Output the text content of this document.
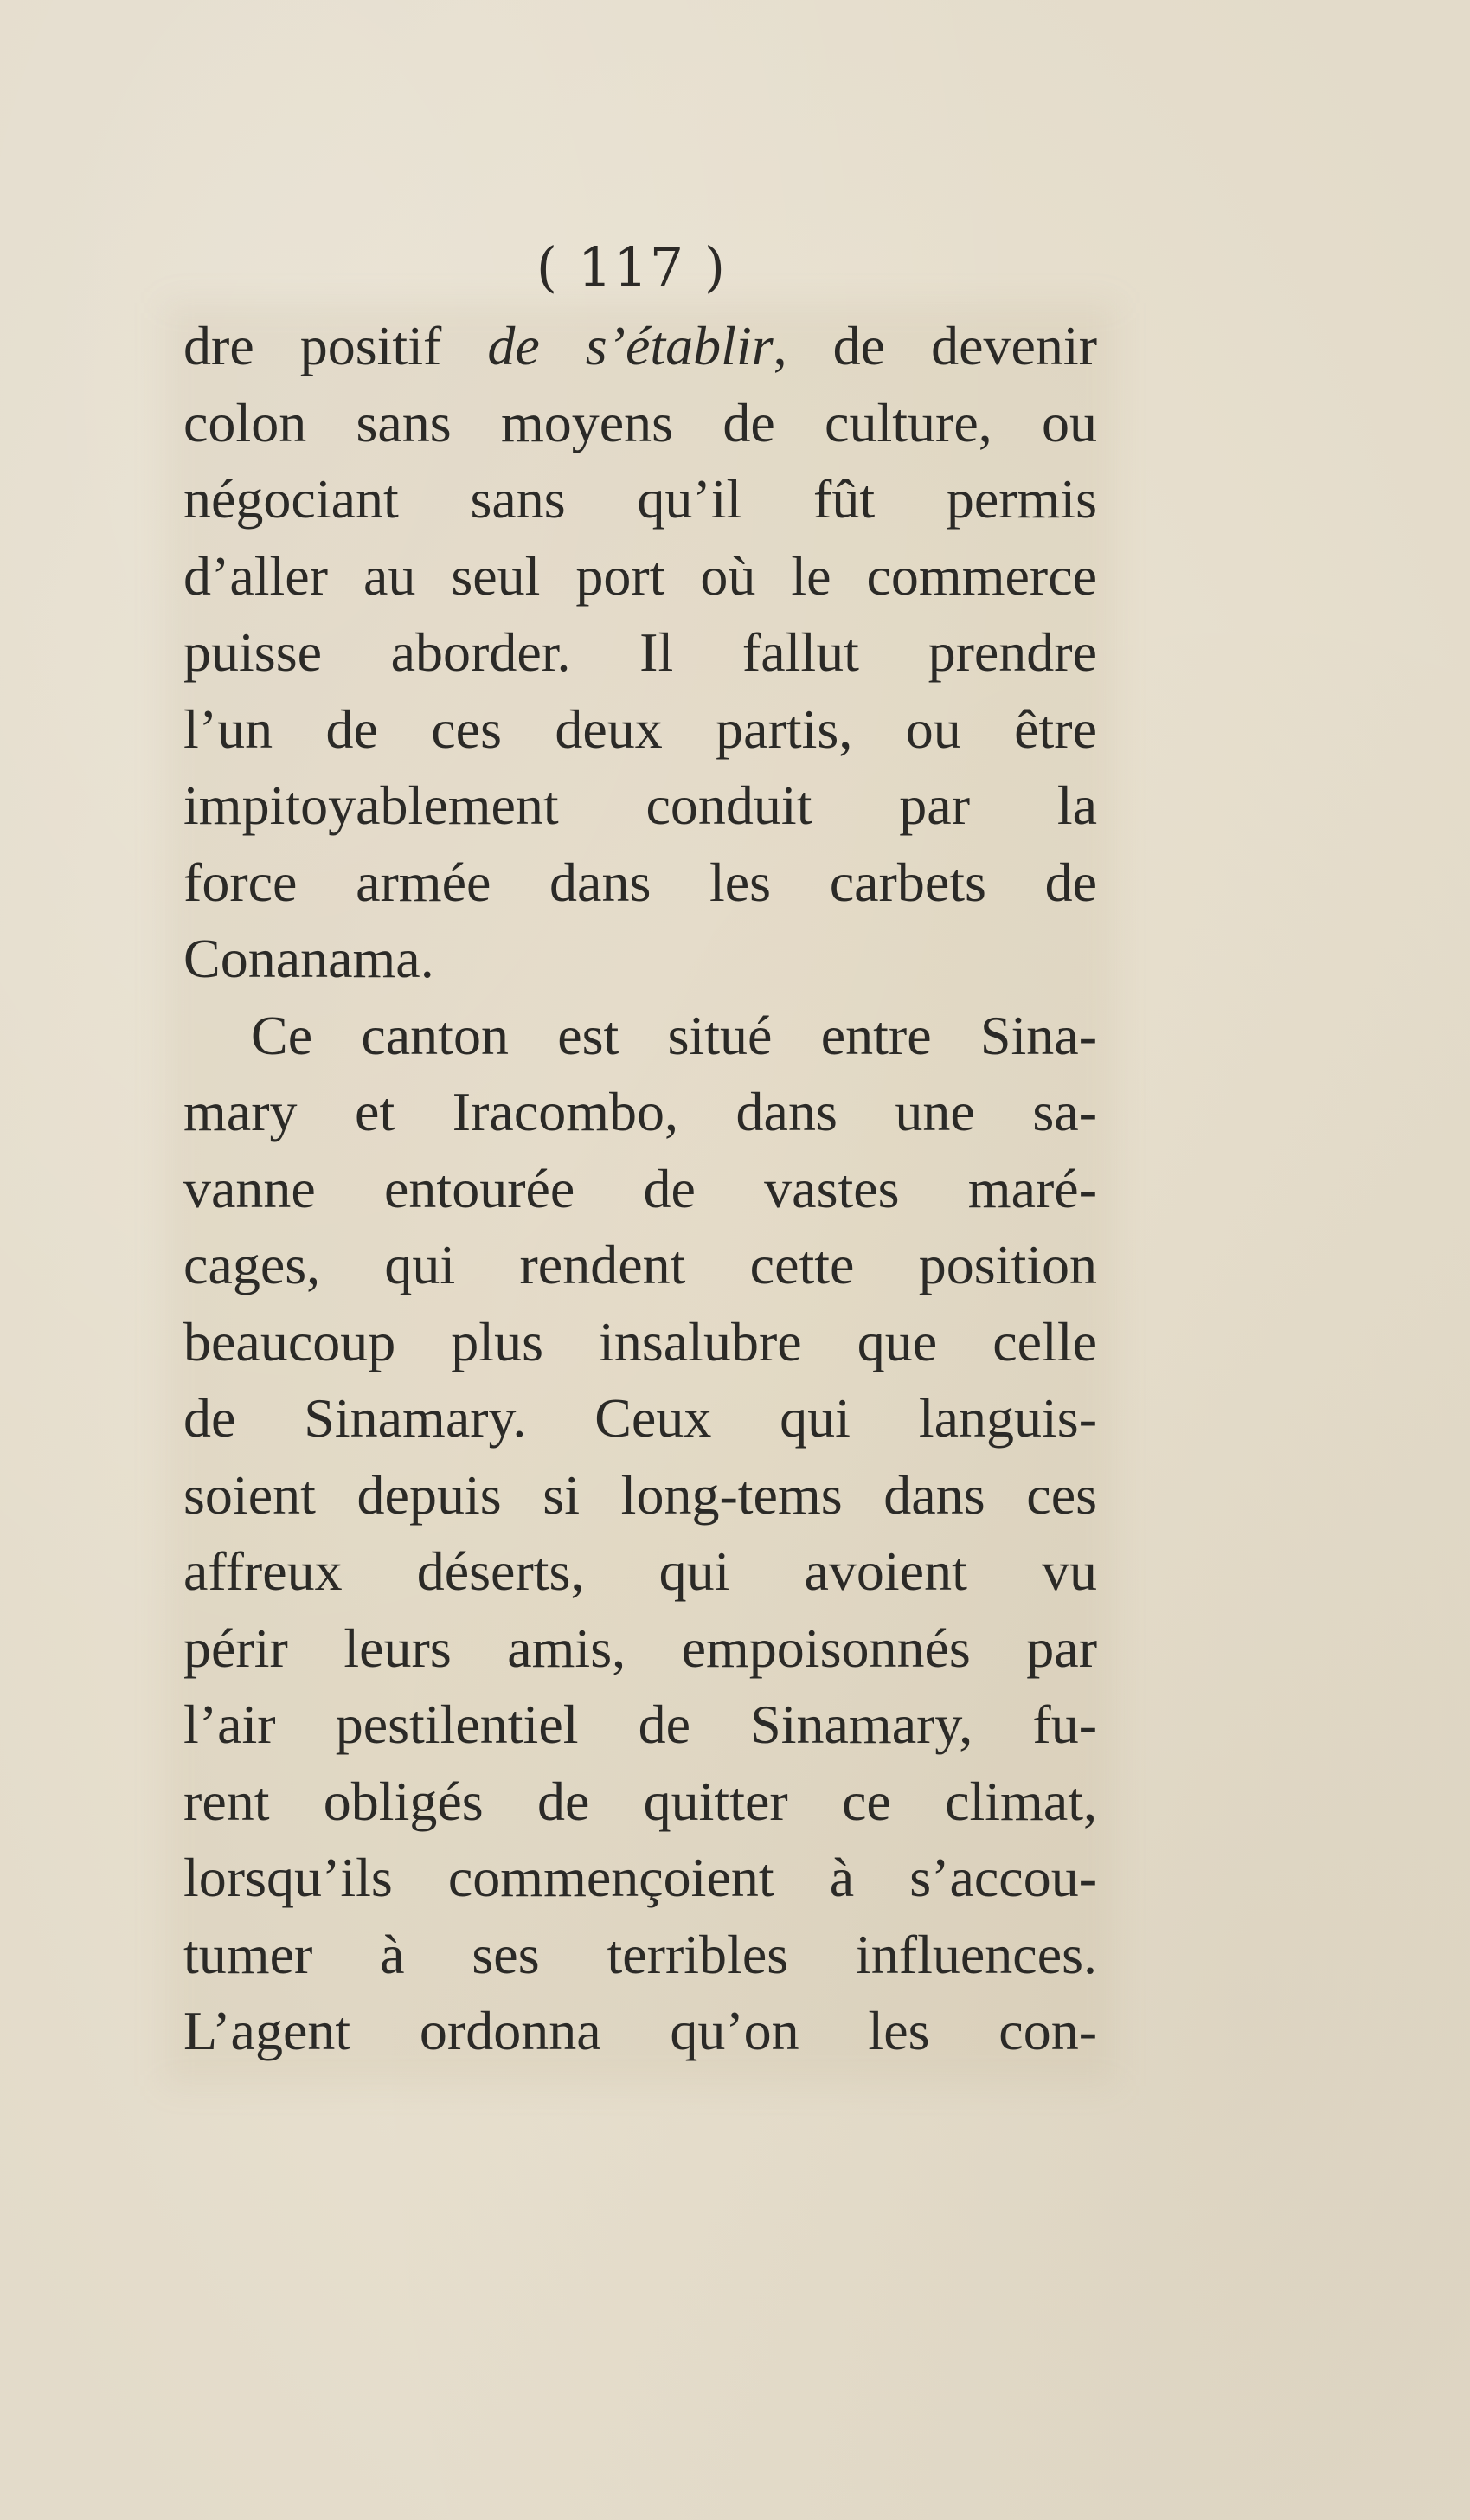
( 117 )
dre positif de s’établir, de devenir
colon sans moyens de culture, ou
négociant sans qu’il fût permis
d’aller au seul port où le commerce
puisse aborder. Il fallut prendre
l’un de ces deux partis, ou être
impitoyablement conduit par la
force armée dans les carbets de
Conanama.
Ce canton est situé entre Sina-
mary et Iracombo, dans une sa-
vanne entourée de vastes maré-
cages, qui rendent cette position
beaucoup plus insalubre que celle
de Sinamary. Ceux qui languis-
soient depuis si long-tems dans ces
affreux déserts, qui avoient vu
périr leurs amis, empoisonnés par
l’air pestilentiel de Sinamary, fu-
rent obligés de quitter ce climat,
lorsqu’ils commençoient à s’accou-
tumer à ses terribles influences.
L’agent ordonna qu’on les con-
